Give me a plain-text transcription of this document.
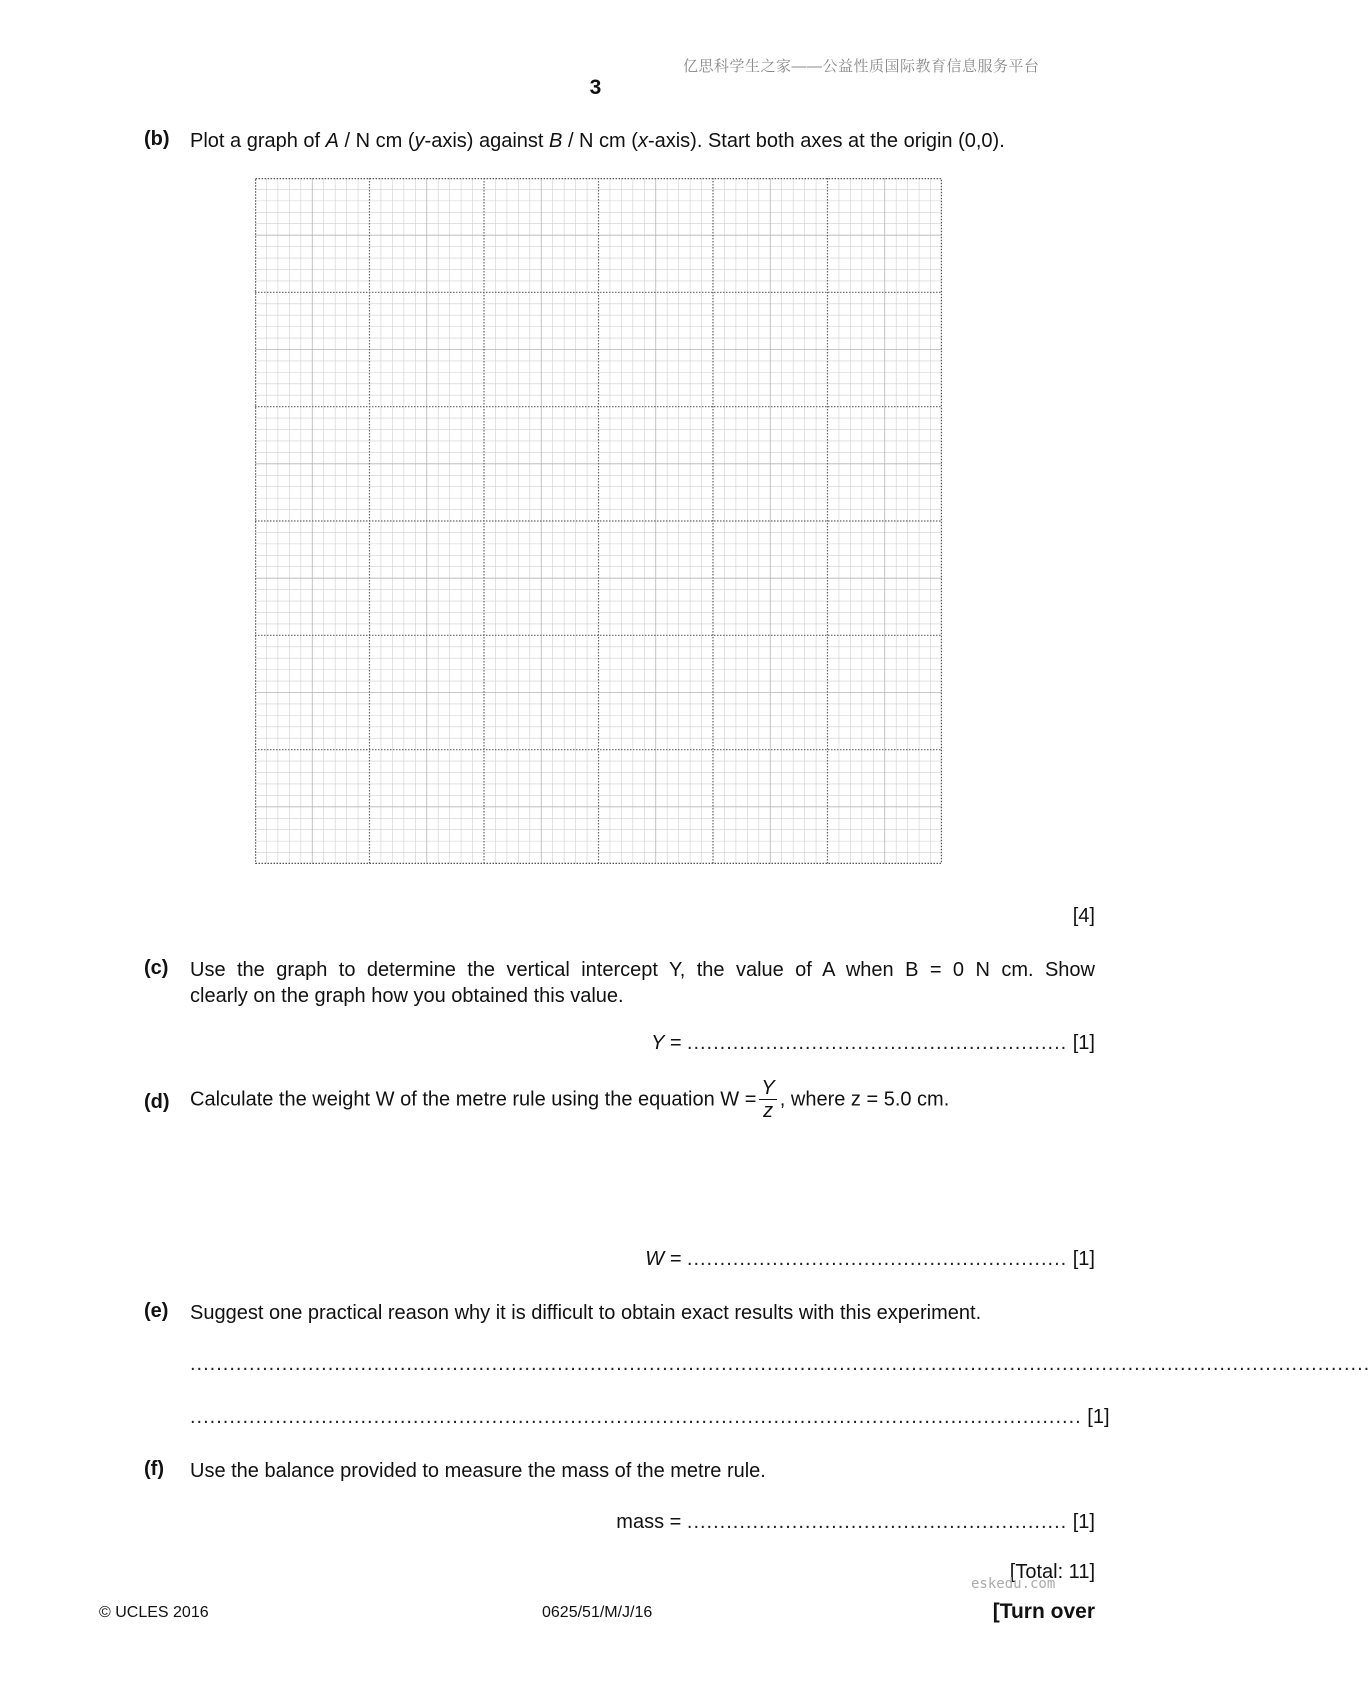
亿思科学生之家——公益性质国际教育信息服务平台
3
(b) Plot a graph of A / N cm (y-axis) against B / N cm (x-axis). Start both axes at the origin (0,0).
[4]
(c) Use the graph to determine the vertical intercept Y, the value of A when B = 0 N cm. Show
clearly on the graph how you obtained this value.
Y = .......................................................... [1]
(d) Calculate the weight W of the metre rule using the equation $W = \frac{Y}{z}$ , where z = 5.0 cm.
W = .......................................................... [1]
(e) Suggest one practical reason why it is difficult to obtain exact results with this experiment.
....................................................................................................................................................................................
........................................................................................................................................ [1]
(f) Use the balance provided to measure the mass of the metre rule.
mass = .......................................................... [1]
[Total: 11]
eskedu.com
© UCLES 2016	0625/51/M/J/16	[Turn over
